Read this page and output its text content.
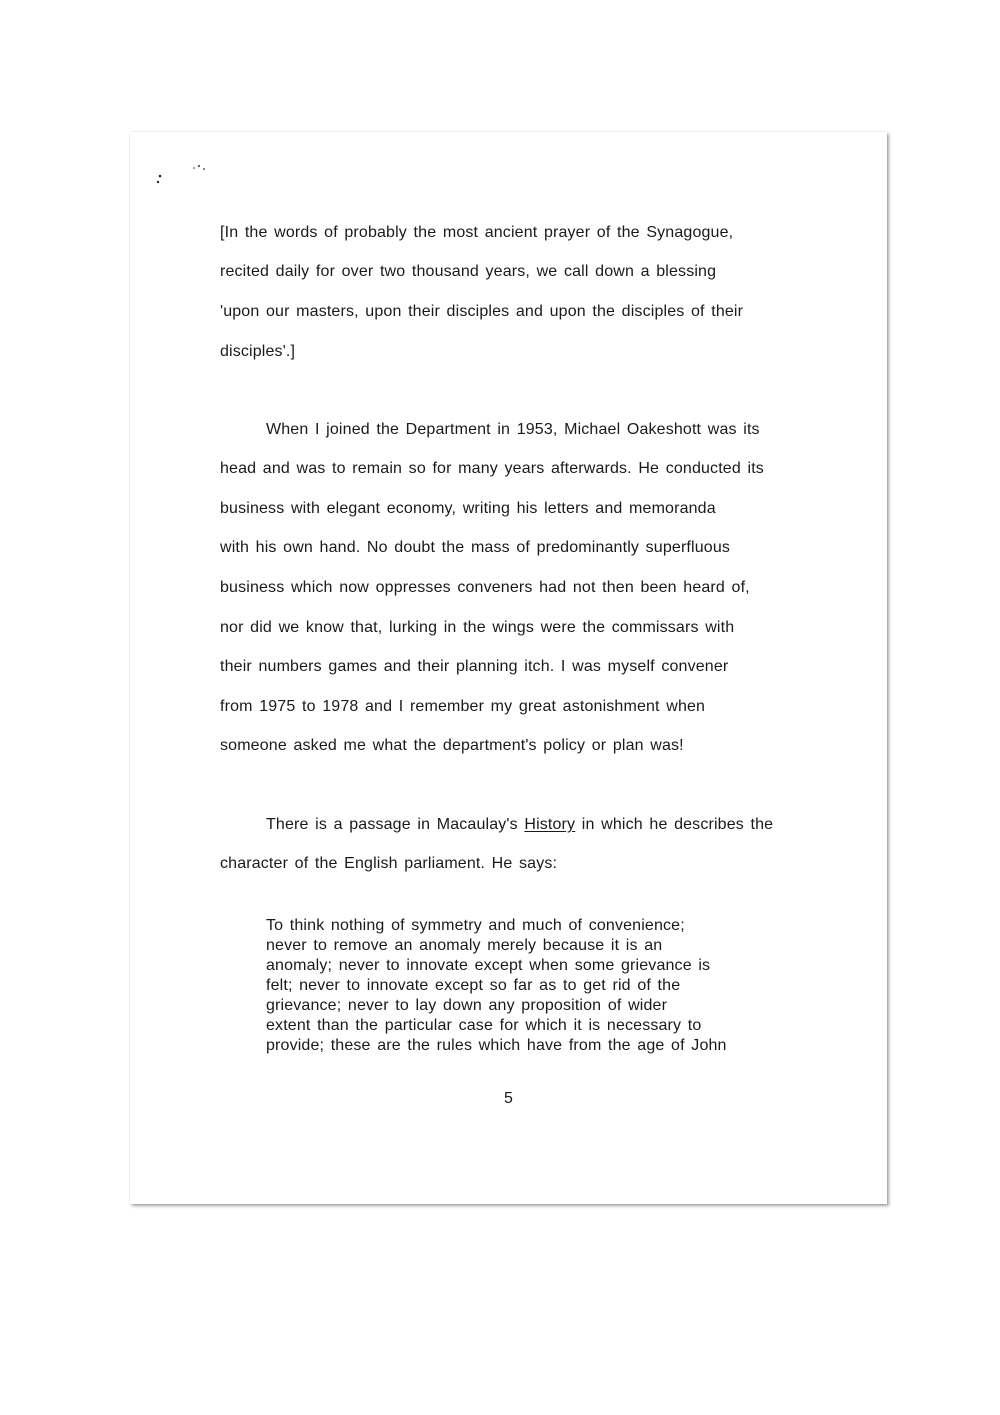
[In the words of probably the most ancient prayer of the Synagogue,
recited daily for over two thousand years, we call down a blessing
'upon our masters, upon their disciples and upon the disciples of their
disciples'.]
When I joined the Department in 1953, Michael Oakeshott was its
head and was to remain so for many years afterwards. He conducted its
business with elegant economy, writing his letters and memoranda
with his own hand. No doubt the mass of predominantly superfluous
business which now oppresses conveners had not then been heard of,
nor did we know that, lurking in the wings were the commissars with
their numbers games and their planning itch. I was myself convener
from 1975 to 1978 and I remember my great astonishment when
someone asked me what the department's policy or plan was!
There is a passage in Macaulay's History in which he describes the
character of the English parliament. He says:
To think nothing of symmetry and much of convenience;
never to remove an anomaly merely because it is an
anomaly; never to innovate except when some grievance is
felt; never to innovate except so far as to get rid of the
grievance; never to lay down any proposition of wider
extent than the particular case for which it is necessary to
provide; these are the rules which have from the age of John
5
